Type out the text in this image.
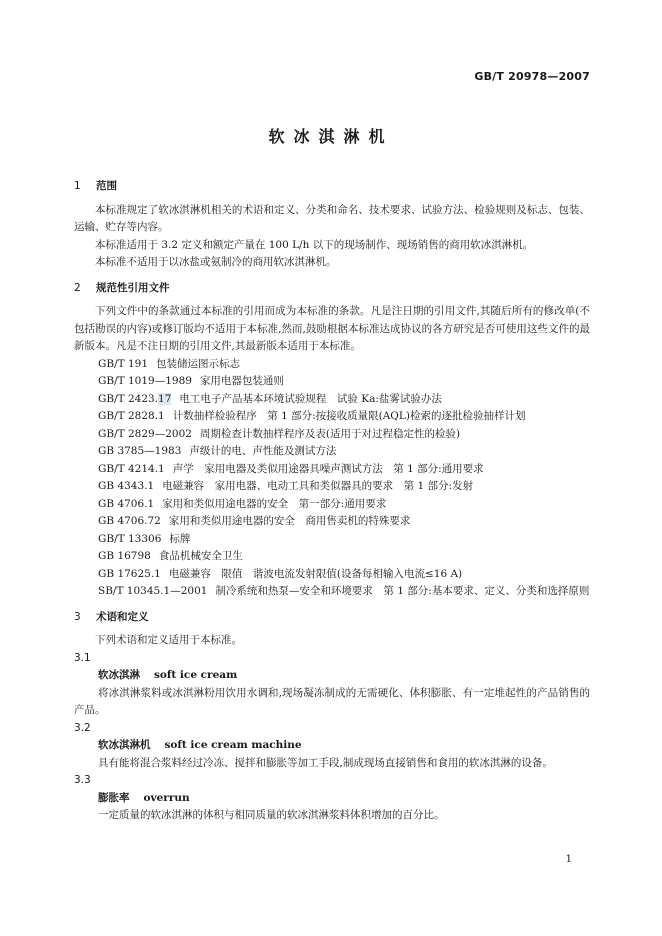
GB/T 20978—2007
软冰淇淋机

1 范围

本标准规定了软冰淇淋机相关的术语和定义、分类和命名、技术要求、试验方法、检验规则及标志、包装、运输、贮存等内容。

本标准适用于 3.2 定义和额定产量在 100 L/h 以下的现场制作、现场销售的商用软冰淇淋机。

本标准不适用于以冰盐或氨制冷的商用软冰淇淋机。

2 规范性引用文件

下列文件中的条款通过本标准的引用而成为本标准的条款。凡是注日期的引用文件,其随后所有的修改单(不包括勘误的内容)或修订版均不适用于本标准,然而,鼓励根据本标准达成协议的各方研究是否可使用这些文件的最新版本。凡是不注日期的引用文件,其最新版本适用于本标准。

GB/T 191 包装储运图示标志

GB/T 1019—1989 家用电器包装通则

GB/T 2423.17 电工电子产品基本环境试验规程　试验 Ka:盐雾试验办法

GB/T 2828.1 计数抽样检验程序　第 1 部分:按接收质量限(AQL)检索的逐批检验抽样计划

GB/T 2829—2002 周期检查计数抽样程序及表(适用于对过程稳定性的检验)

GB 3785—1983 声级计的电、声性能及测试方法

GB/T 4214.1 声学　家用电器及类似用途器具噪声测试方法　第 1 部分:通用要求

GB 4343.1 电磁兼容　家用电器、电动工具和类似器具的要求　第 1 部分:发射

GB 4706.1 家用和类似用途电器的安全　第一部分:通用要求

GB 4706.72 家用和类似用途电器的安全　商用售卖机的特殊要求

GB/T 13306 标牌

GB 16798 食品机械安全卫生

GB 17625.1 电磁兼容　限值　谐波电流发射限值(设备每相输入电流≤16 A)

SB/T 10345.1—2001 制冷系统和热泵—安全和环境要求　第 1 部分:基本要求、定义、分类和选择原则

3 术语和定义

下列术语和定义适用于本标准。

3.1

软冰淇淋 soft ice cream

将冰淇淋浆料或冰淇淋粉用饮用水调和,现场凝冻制成的无需硬化、体积膨胀、有一定堆起性的产品销售的产品。

3.2

软冰淇淋机 soft ice cream machine

具有能将混合浆料经过冷冻、搅拌和膨胀等加工手段,制成现场直接销售和食用的软冰淇淋的设备。

3.3

膨胀率 overrun

一定质量的软冰淇淋的体积与相同质量的软冰淇淋浆料体积增加的百分比。

1
